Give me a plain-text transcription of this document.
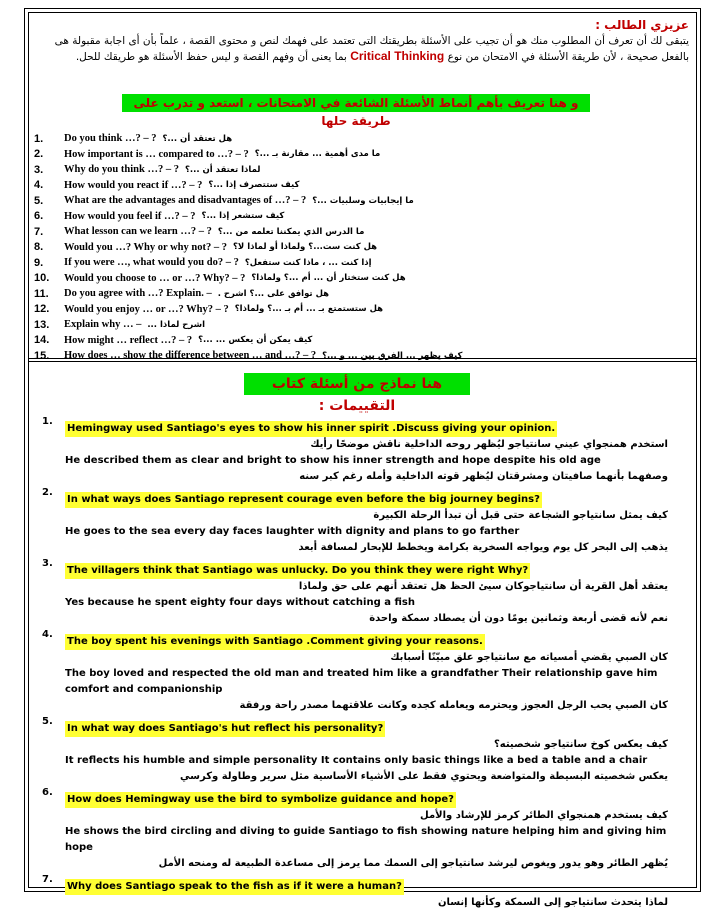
عزيزي الطالب :
يتبقى لك أن تعرف أن المطلوب منك هو أن تجيب على الأسئلة بطريقتك التى تعتمد على فهمك لنص و محتوى القصة ، علماً بأن أى اجابة مقبولة هى بالفعل صحيحة ، لأن طريقة الأسئلة في الامتحان من نوع Critical Thinking بما يعنى أن وفهم القصة و ليس حفظ الأسئلة هو طريقك للحل.
و هنا تعريف بأهم أنماط الأسئلة الشائعة في الامتحانات ، استعد و تدرب على طريقة حلها
1.	Do you think …? – ? هل تعتقد أن ...؟
2.	How important is … compared to …? – ? ما مدى أهمية ... مقارنة بـ ...؟
3.	Why do you think …? – ? لماذا تعتقد أن ...؟
4.	How would you react if …? – ? كيف ستتصرف إذا ...؟
5.	What are the advantages and disadvantages of …? – ? ما إيجابيات وسلبيات ...؟
6.	How would you feel if …? – ? كيف ستشعر إذا ...؟
7.	What lesson can we learn …? – ? ما الدرس الذي يمكننا تعلمه من ...؟
8.	Would you …? Why or why not? – ? هل كنت ست...؟ ولماذا أو لماذا لا؟
9.	If you were …, what would you do? – ? إذا كنت ... ، ماذا كنت ستفعل؟
10.	Would you choose to … or …? Why? – ? هل كنت ستختار أن ... أم ...؟ ولماذا؟
11.	Do you agree with …? Explain. – هل توافق على ...؟ اشرح .
12.	Would you enjoy … or …? Why? – ? هل ستستمتع بـ ... أم بـ ...؟ ولماذا؟
13.	Explain why … – اشرح لماذا ...
14.	How might … reflect …? – ? كيف يمكن أن يعكس ... ...؟
15.	How does … show the difference between … and …? – ? كيف يظهر ... الفرق بين ... و ...؟
هنا نماذج من أسئلة كتاب التقييمات :
1.
Hemingway used Santiago's eyes to show his inner spirit .Discuss giving your opinion.
استخدم همنجواي عيني سانتياجو ليُظهر روحه الداخلية ناقش موضحًا رأيك
He described them as clear and bright to show his inner strength and hope despite his old age
وصفهما بأنهما صافيتان ومشرقتان ليُظهر قوته الداخلية وأمله رغم كبر سنه
2.
In what ways does Santiago represent courage even before the big journey begins?
كيف يمثل سانتياجو الشجاعة حتى قبل أن تبدأ الرحلة الكبيرة
He goes to the sea every day faces laughter with dignity and plans to go farther
يذهب إلى البحر كل يوم ويواجه السخرية بكرامة ويخطط للإبحار لمسافة أبعد
3.
The villagers think that Santiago was unlucky. Do you think they were right Why?
يعتقد أهل القرية أن سانتياجوكان سيئ الحظ هل تعتقد أنهم على حق ولماذا
Yes because he spent eighty four days without catching a fish
نعم لأنه قضى أربعة وثمانين يومًا دون أن يصطاد سمكة واحدة
4.
The boy spent his evenings with Santiago .Comment giving your reasons.
كان الصبي يقضي أمسياته مع سانتياجو علق مبيّنًا أسبابك
The boy loved and respected the old man and treated him like a grandfather Their relationship gave him comfort and companionship
كان الصبي يحب الرجل العجوز ويحترمه ويعامله كجده وكانت علاقتهما مصدر راحة ورفقة
5.
In what way does Santiago's hut reflect his personality?
كيف يعكس كوخ سانتياجو شخصيته؟
It reflects his humble and simple personality It contains only basic things like a bed a table and a chair
يعكس شخصيته البسيطة والمتواضعة ويحتوي فقط على الأشياء الأساسية مثل سرير وطاولة وكرسي
6.
How does Hemingway use the bird to symbolize guidance and hope?
كيف يستخدم همنجواي الطائر كرمز للإرشاد والأمل
He shows the bird circling and diving to guide Santiago to fish showing nature helping him and giving him hope
يُظهر الطائر وهو يدور ويغوص ليرشد سانتياجو إلى السمك مما يرمز إلى مساعدة الطبيعة له ومنحه الأمل
7.
Why does Santiago speak to the fish as if it were a human?
لماذا يتحدث سانتياجو إلى السمكة وكأنها إنسان
